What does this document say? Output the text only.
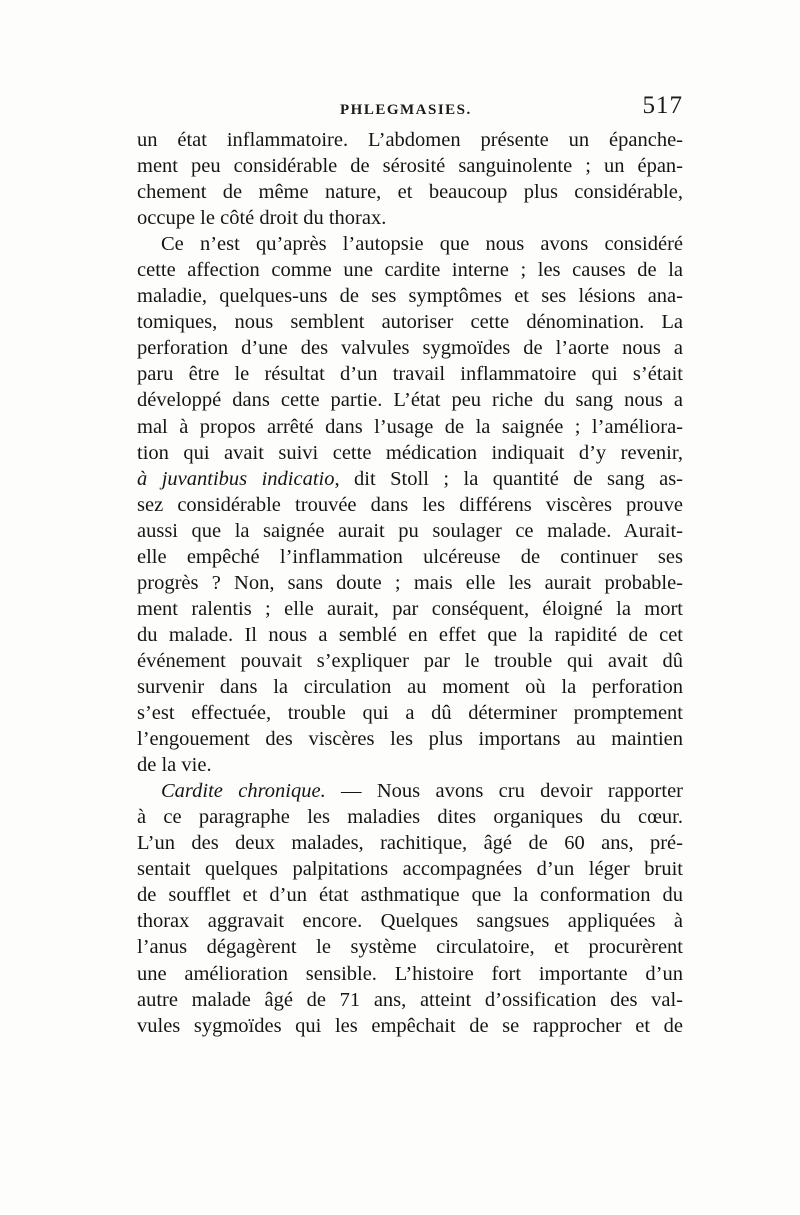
PHLEGMASIES.	517
un état inflammatoire. L’abdomen présente un épanche-
ment peu considérable de sérosité sanguinolente ; un épan-
chement de même nature, et beaucoup plus considérable,
occupe le côté droit du thorax.
Ce n’est qu’après l’autopsie que nous avons considéré
cette affection comme une cardite interne ; les causes de la
maladie, quelques-uns de ses symptômes et ses lésions ana-
tomiques, nous semblent autoriser cette dénomination. La
perforation d’une des valvules sygmoïdes de l’aorte nous a
paru être le résultat d’un travail inflammatoire qui s’était
développé dans cette partie. L’état peu riche du sang nous a
mal à propos arrêté dans l’usage de la saignée ; l’améliora-
tion qui avait suivi cette médication indiquait d’y revenir,
à juvantibus indicatio, dit Stoll ; la quantité de sang as-
sez considérable trouvée dans les différens viscères prouve
aussi que la saignée aurait pu soulager ce malade. Aurait-
elle empêché l’inflammation ulcéreuse de continuer ses
progrès ? Non, sans doute ; mais elle les aurait probable-
ment ralentis ; elle aurait, par conséquent, éloigné la mort
du malade. Il nous a semblé en effet que la rapidité de cet
événement pouvait s’expliquer par le trouble qui avait dû
survenir dans la circulation au moment où la perforation
s’est effectuée, trouble qui a dû déterminer promptement
l’engouement des viscères les plus importans au maintien
de la vie.
Cardite chronique. — Nous avons cru devoir rapporter
à ce paragraphe les maladies dites organiques du cœur.
L’un des deux malades, rachitique, âgé de 60 ans, pré-
sentait quelques palpitations accompagnées d’un léger bruit
de soufflet et d’un état asthmatique que la conformation du
thorax aggravait encore. Quelques sangsues appliquées à
l’anus dégagèrent le système circulatoire, et procurèrent
une amélioration sensible. L’histoire fort importante d’un
autre malade âgé de 71 ans, atteint d’ossification des val-
vules sygmoïdes qui les empêchait de se rapprocher et de
